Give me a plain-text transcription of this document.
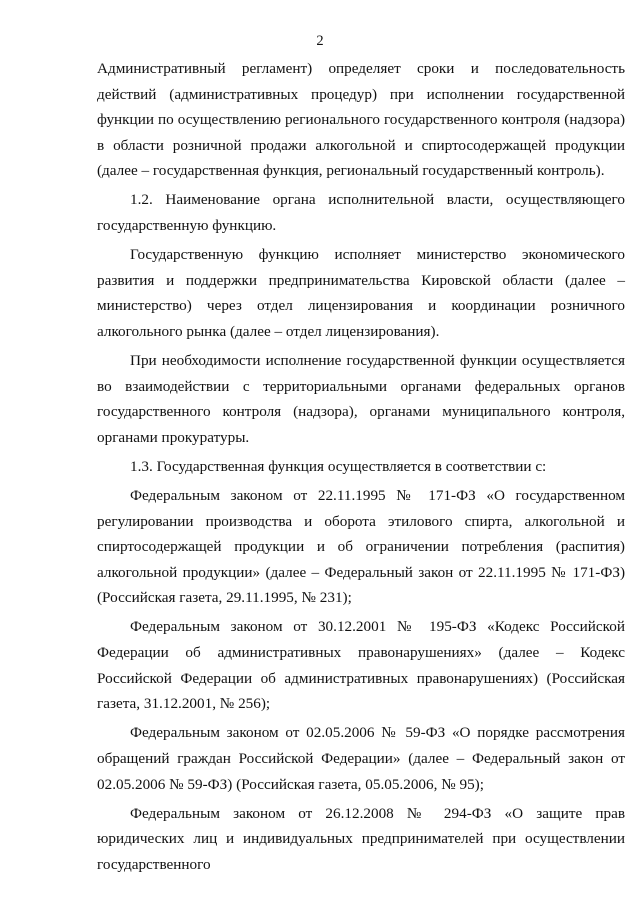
2

Административный регламент) определяет сроки и последовательность действий (административных процедур) при исполнении государственной функции по осуществлению регионального государственного контроля (надзора) в области розничной продажи алкогольной и спиртосодержащей продукции (далее – государственная функция, региональный государственный контроль).

1.2. Наименование органа исполнительной власти, осуществляющего государственную функцию.

Государственную функцию исполняет министерство экономического развития и поддержки предпринимательства Кировской области (далее – министерство) через отдел лицензирования и координации розничного алкогольного рынка (далее – отдел лицензирования).

При необходимости исполнение государственной функции осуществляется во взаимодействии с территориальными органами федеральных органов государственного контроля (надзора), органами муниципального контроля, органами прокуратуры.

1.3. Государственная функция осуществляется в соответствии с:

Федеральным законом от 22.11.1995 № 171-ФЗ «О государственном регулировании производства и оборота этилового спирта, алкогольной и спиртосодержащей продукции и об ограничении потребления (распития) алкогольной продукции» (далее – Федеральный закон от 22.11.1995 № 171-ФЗ) (Российская газета, 29.11.1995, № 231);

Федеральным законом от 30.12.2001 № 195-ФЗ «Кодекс Российской Федерации об административных правонарушениях» (далее – Кодекс Российской Федерации об административных правонарушениях) (Российская газета, 31.12.2001, № 256);

Федеральным законом от 02.05.2006 № 59-ФЗ «О порядке рассмотрения обращений граждан Российской Федерации» (далее – Федеральный закон от 02.05.2006 № 59-ФЗ) (Российская газета, 05.05.2006, № 95);

Федеральным законом от 26.12.2008 № 294-ФЗ «О защите прав юридических лиц и индивидуальных предпринимателей при осуществлении государственного
